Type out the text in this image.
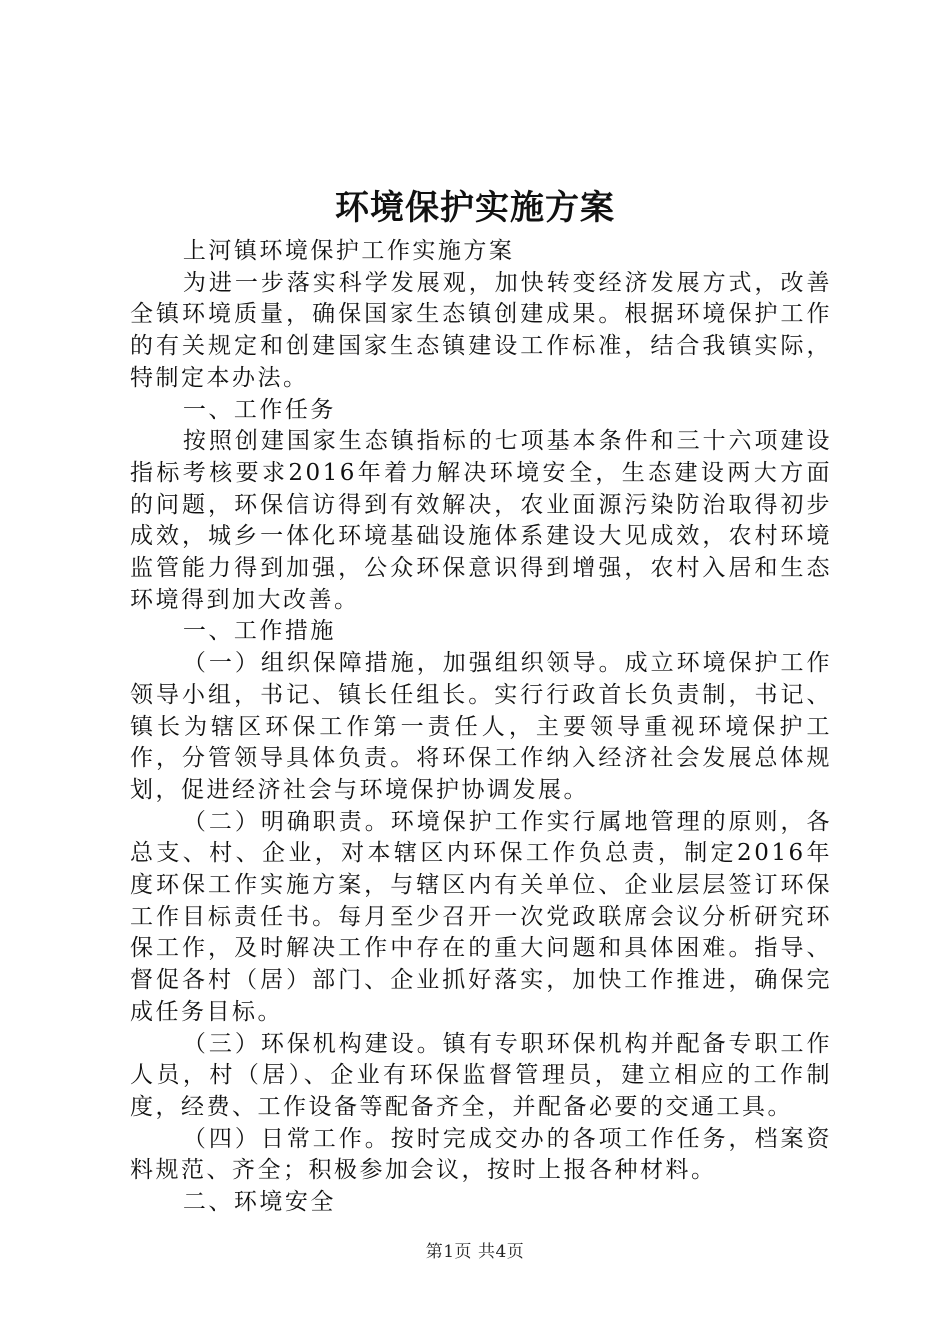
环境保护实施方案

上河镇环境保护工作实施方案

为进一步落实科学发展观，加快转变经济发展方式，改善全镇环境质量，确保国家生态镇创建成果。根据环境保护工作的有关规定和创建国家生态镇建设工作标准，结合我镇实际，特制定本办法。

一、工作任务

按照创建国家生态镇指标的七项基本条件和三十六项建设指标考核要求2016年着力解决环境安全，生态建设两大方面的问题，环保信访得到有效解决，农业面源污染防治取得初步成效，城乡一体化环境基础设施体系建设大见成效，农村环境监管能力得到加强，公众环保意识得到增强，农村入居和生态环境得到加大改善。

一、工作措施

（一）组织保障措施，加强组织领导。成立环境保护工作领导小组，书记、镇长任组长。实行行政首长负责制，书记、镇长为辖区环保工作第一责任人，主要领导重视环境保护工作，分管领导具体负责。将环保工作纳入经济社会发展总体规划，促进经济社会与环境保护协调发展。

（二）明确职责。环境保护工作实行属地管理的原则，各总支、村、企业，对本辖区内环保工作负总责，制定2016年度环保工作实施方案，与辖区内有关单位、企业层层签订环保工作目标责任书。每月至少召开一次党政联席会议分析研究环保工作，及时解决工作中存在的重大问题和具体困难。指导、督促各村（居）部门、企业抓好落实，加快工作推进，确保完成任务目标。

（三）环保机构建设。镇有专职环保机构并配备专职工作人员，村（居）、企业有环保监督管理员，建立相应的工作制度，经费、工作设备等配备齐全，并配备必要的交通工具。

（四）日常工作。按时完成交办的各项工作任务，档案资料规范、齐全；积极参加会议，按时上报各种材料。

二、环境安全

第1页 共4页
